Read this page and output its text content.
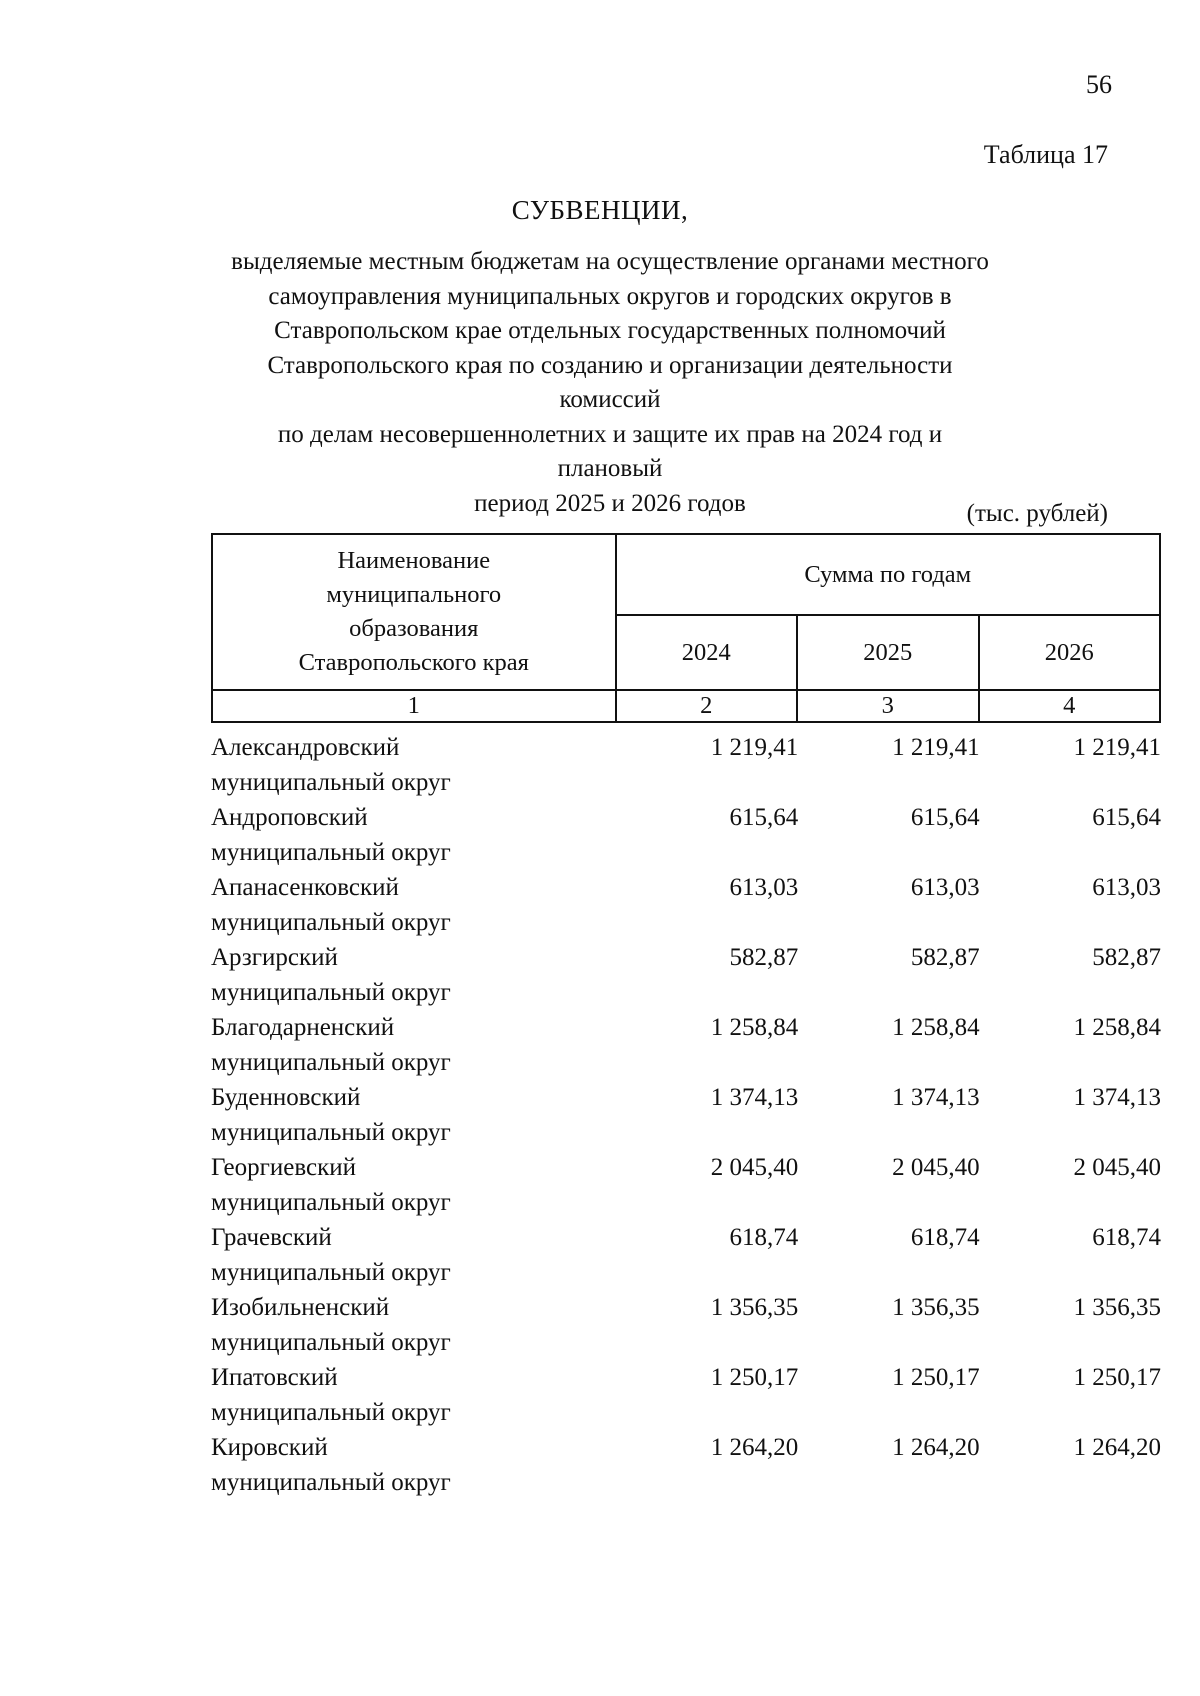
56
Таблица 17
СУБВЕНЦИИ,
выделяемые местным бюджетам на осуществление органами местного
самоуправления муниципальных округов и городских округов в
Ставропольском крае отдельных государственных полномочий
Ставропольского края по созданию и организации деятельности комиссий
по делам несовершеннолетних и защите их прав на 2024 год и плановый
период 2025 и 2026 годов	(тыс. рублей)
Наименование
муниципального
образования
Ставропольского края	Сумма по годам		
	2024	2025	2026
1	2	3	4
Александровский
муниципальный округ	1 219,41	1 219,41	1 219,41

Андроповский
муниципальный округ	615,64	615,64	615,64

Апанасенковский
муниципальный округ	613,03	613,03	613,03

Арзгирский
муниципальный округ	582,87	582,87	582,87

Благодарненский
муниципальный округ	1 258,84	1 258,84	1 258,84

Буденновский
муниципальный округ	1 374,13	1 374,13	1 374,13

Георгиевский
муниципальный округ	2 045,40	2 045,40	2 045,40

Грачевский
муниципальный округ	618,74	618,74	618,74

Изобильненский
муниципальный округ	1 356,35	1 356,35	1 356,35

Ипатовский
муниципальный округ	1 250,17	1 250,17	1 250,17

Кировский
муниципальный округ	1 264,20	1 264,20	1 264,20
